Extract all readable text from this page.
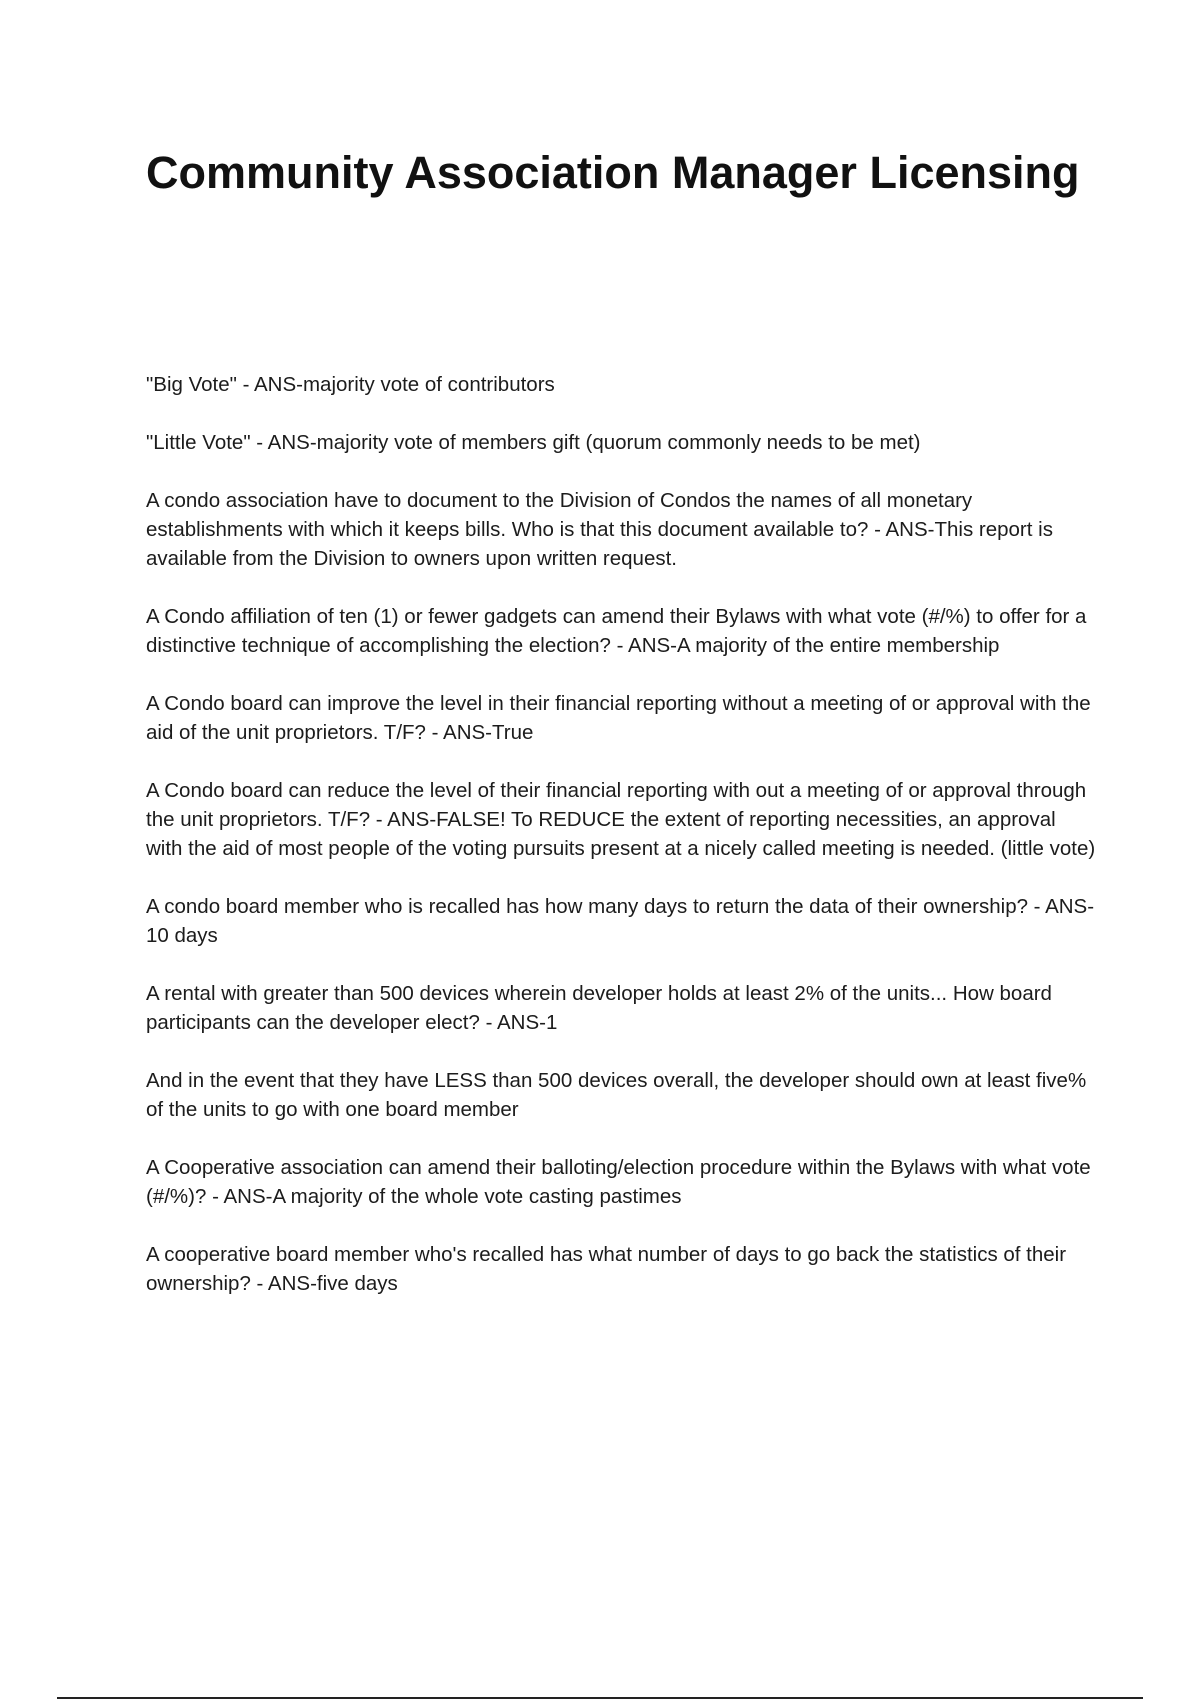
Community Association Manager Licensing

"Big Vote" - ANS-majority vote of contributors

"Little Vote" - ANS-majority vote of members gift (quorum commonly needs to be met)

A condo association have to document to the Division of Condos the names of all monetary establishments with which it keeps bills. Who is that this document available to? - ANS-This report is available from the Division to owners upon written request.

A Condo affiliation of ten (1) or fewer gadgets can amend their Bylaws with what vote (#/%) to offer for a distinctive technique of accomplishing the election? - ANS-A majority of the entire membership

A Condo board can improve the level in their financial reporting without a meeting of or approval with the aid of the unit proprietors. T/F? - ANS-True

A Condo board can reduce the level of their financial reporting with out a meeting of or approval through the unit proprietors. T/F? - ANS-FALSE! To REDUCE the extent of reporting necessities, an approval with the aid of most people of the voting pursuits present at a nicely called meeting is needed. (little vote)

A condo board member who is recalled has how many days to return the data of their ownership? - ANS-10 days

A rental with greater than 500 devices wherein developer holds at least 2% of the units... How board participants can the developer elect? - ANS-1

And in the event that they have LESS than 500 devices overall, the developer should own at least five% of the units to go with one board member

A Cooperative association can amend their balloting/election procedure within the Bylaws with what vote (#/%)? - ANS-A majority of the whole vote casting pastimes

A cooperative board member who's recalled has what number of days to go back the statistics of their ownership? - ANS-five days
